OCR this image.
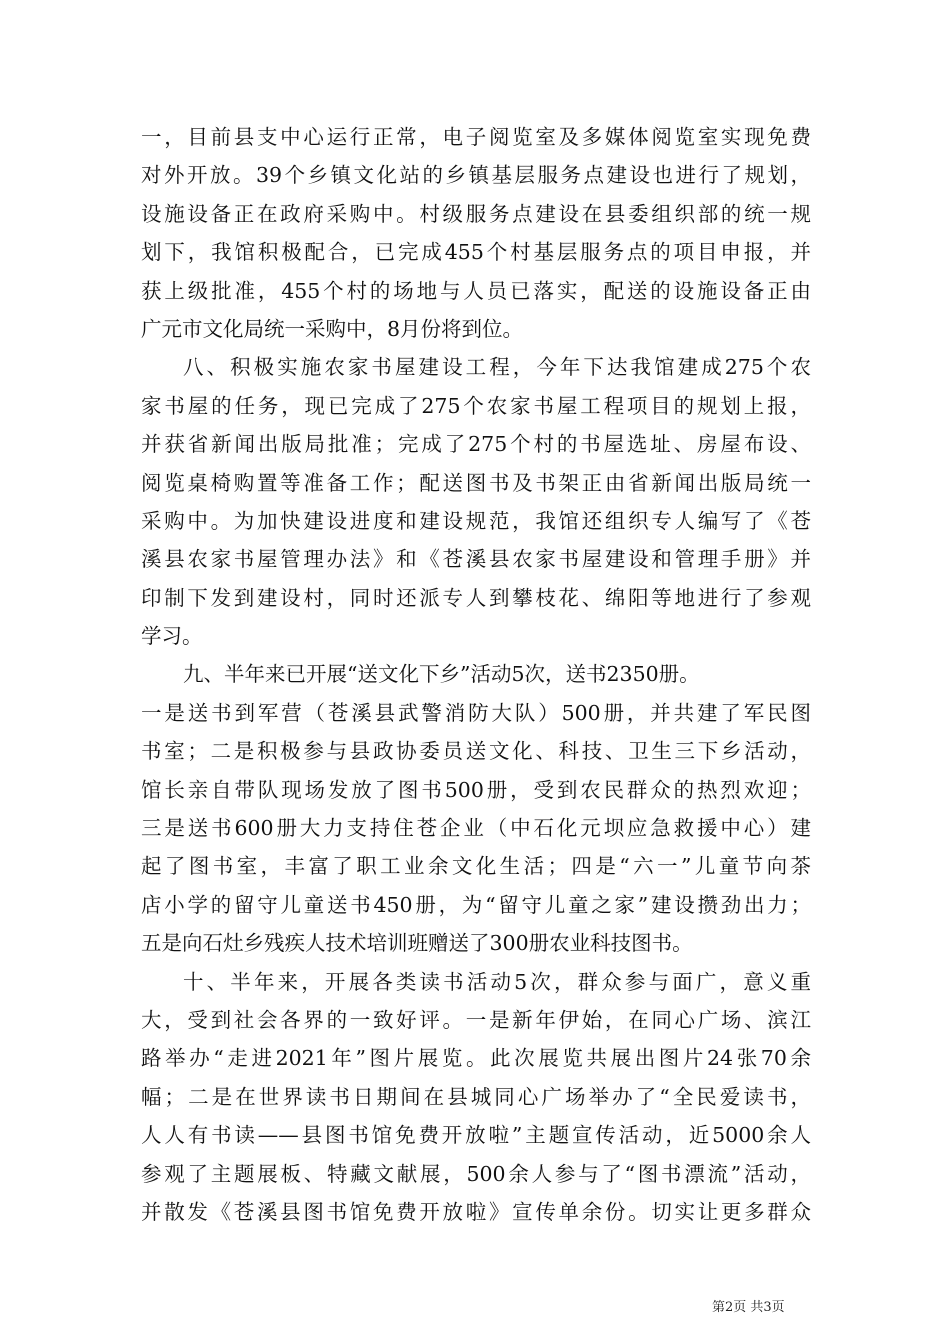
一，目前县支中心运行正常，电子阅览室及多媒体阅览室实现免费
对外开放。39个乡镇文化站的乡镇基层服务点建设也进行了规划，
设施设备正在政府采购中。村级服务点建设在县委组织部的统一规
划下，我馆积极配合，已完成455个村基层服务点的项目申报，并
获上级批准，455个村的场地与人员已落实，配送的设施设备正由
广元市文化局统一采购中，8月份将到位。
八、积极实施农家书屋建设工程，今年下达我馆建成275个农
家书屋的任务，现已完成了275个农家书屋工程项目的规划上报，
并获省新闻出版局批准；完成了275个村的书屋选址、房屋布设、
阅览桌椅购置等准备工作；配送图书及书架正由省新闻出版局统一
采购中。为加快建设进度和建设规范，我馆还组织专人编写了《苍
溪县农家书屋管理办法》和《苍溪县农家书屋建设和管理手册》并
印制下发到建设村，同时还派专人到攀枝花、绵阳等地进行了参观
学习。
九、半年来已开展“送文化下乡”活动5次，送书2350册。
一是送书到军营（苍溪县武警消防大队）500册，并共建了军民图
书室；二是积极参与县政协委员送文化、科技、卫生三下乡活动，
馆长亲自带队现场发放了图书500册，受到农民群众的热烈欢迎；
三是送书600册大力支持住苍企业（中石化元坝应急救援中心）建
起了图书室，丰富了职工业余文化生活；四是“六一”儿童节向茶
店小学的留守儿童送书450册，为“留守儿童之家”建设攒劲出力；
五是向石灶乡残疾人技术培训班赠送了300册农业科技图书。
十、半年来，开展各类读书活动5次，群众参与面广，意义重
大，受到社会各界的一致好评。一是新年伊始，在同心广场、滨江
路举办“走进2021年”图片展览。此次展览共展出图片24张70余
幅；二是在世界读书日期间在县城同心广场举办了“全民爱读书，
人人有书读——县图书馆免费开放啦”主题宣传活动，近5000余人
参观了主题展板、特藏文献展，500余人参与了“图书漂流”活动，
并散发《苍溪县图书馆免费开放啦》宣传单余份。切实让更多群众
第2页 共3页
